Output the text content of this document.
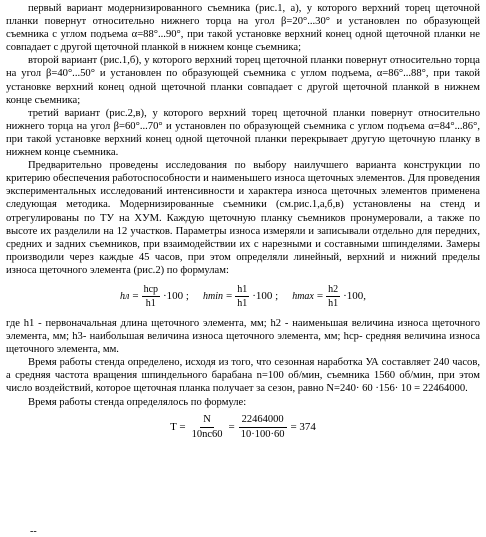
первый вариант модернизированного съемника (рис.1, а), у которого верхний торец щеточной планки повернут относительно нижнего торца на угол β=20°...30° и установлен по образующей съемника с углом подъема α=88°...90°, при такой установке верхний конец одной щеточной планки не совпадает с другой щеточной планкой в нижнем конце съемника;

второй вариант (рис.1,б), у которого верхний торец щеточной планки повернут относительно торца на угол β=40°...50° и установлен по образующей съемника с углом подъема, α=86°...88°, при такой установке верхний конец одной щеточной планки совпадает с другой щеточной планкой в нижнем конце съемника;

третий вариант (рис.2,в), у которого верхний торец щеточной планки повернут относительно нижнего торца на угол β=60°...70° и установлен по образующей съемника с углом подъема α=84°...86°, при такой установке верхний конец одной щеточной планки перекрывает другую щеточную планку в нижнем конце съемника.

Предварительно проведены исследования по выбору наилучшего варианта конструкции по критерию обеспечения работоспособности и наименьшего износа щеточных элементов. Для проведения экспериментальных исследований интенсивности и характера износа щеточных элементов применена следующая методика. Модернизированные съемники (см.рис.1,а,б,в) установлены на стенд и отрегулированы по ТУ на ХУМ. Каждую щеточную планку съемников пронумеровали, а также по высоте их разделили на 12 участков. Параметры износа измеряли и записывали отдельно для передних, средних и задних съемников, при взаимодействии их с нарезными и составными шпинделями. Замеры производили через каждые 45 часов, при этом определяли линейный, верхний и нижний пределы износа щеточного элемента (рис.2) по формулам:

hл = $\frac{\text{hср}}{h1} \cdot 100$ ; $hmin = \frac{h1}{h1} \cdot 100$ ; $hmax = \frac{h2}{h1} \cdot 100$,

где h1 - первоначальная длина щеточного элемента, мм; h2 - наименьшая величина износа щеточного элемента, мм; h3- наибольшая величина износа щеточного элемента, мм; hср- средняя величина износа щеточного элемента, мм.

Время работы стенда определено, исходя из того, что сезонная наработка УА составляет 240 часов, а средняя частота вращения шпиндельного барабана n=100 об/мин, съемника 1560 об/мин, при этом число воздействий, которое щеточная планка получает за сезон, равно N=240· 60 ·156· 10 = 22464000.

Время работы стенда определялось по формуле:

$T = \frac{N}{10nс60} = \frac{22464000}{10\cdot 100\cdot 60} = 374$
--
